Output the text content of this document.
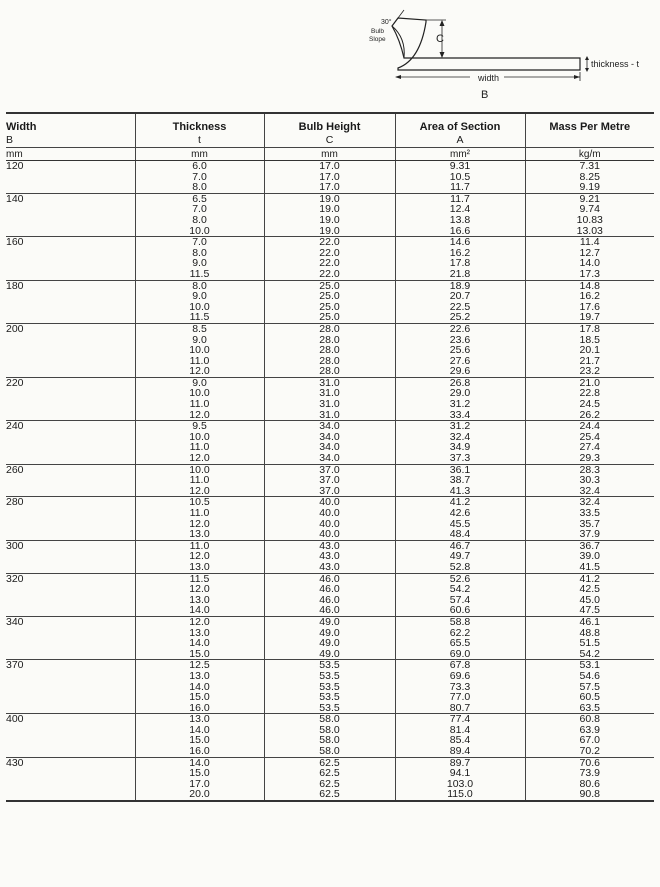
30°
Bulb
Slope	C
thickness - t
width
B
Width	Thickness	Bulb Height	Area of Section	Mass Per Metre
B	t	C	A	
mm	mm	mm	mm²	kg/m
120	6.0	17.0	9.31	7.31
	7.0	17.0	10.5	8.25
	8.0	17.0	11.7	9.19
140	6.5	19.0	11.7	9.21
	7.0	19.0	12.4	9.74
	8.0	19.0	13.8	10.83
	10.0	19.0	16.6	13.03
160	7.0	22.0	14.6	11.4
	8.0	22.0	16.2	12.7
	9.0	22.0	17.8	14.0
	11.5	22.0	21.8	17.3
180	8.0	25.0	18.9	14.8
	9.0	25.0	20.7	16.2
	10.0	25.0	22.5	17.6
	11.5	25.0	25.2	19.7
200	8.5	28.0	22.6	17.8
	9.0	28.0	23.6	18.5
	10.0	28.0	25.6	20.1
	11.0	28.0	27.6	21.7
	12.0	28.0	29.6	23.2
220	9.0	31.0	26.8	21.0
	10.0	31.0	29.0	22.8
	11.0	31.0	31.2	24.5
	12.0	31.0	33.4	26.2
240	9.5	34.0	31.2	24.4
	10.0	34.0	32.4	25.4
	11.0	34.0	34.9	27.4
	12.0	34.0	37.3	29.3
260	10.0	37.0	36.1	28.3
	11.0	37.0	38.7	30.3
	12.0	37.0	41.3	32.4
280	10.5	40.0	41.2	32.4
	11.0	40.0	42.6	33.5
	12.0	40.0	45.5	35.7
	13.0	40.0	48.4	37.9
300	11.0	43.0	46.7	36.7
	12.0	43.0	49.7	39.0
	13.0	43.0	52.8	41.5
320	11.5	46.0	52.6	41.2
	12.0	46.0	54.2	42.5
	13.0	46.0	57.4	45.0
	14.0	46.0	60.6	47.5
340	12.0	49.0	58.8	46.1
	13.0	49.0	62.2	48.8
	14.0	49.0	65.5	51.5
	15.0	49.0	69.0	54.2
370	12.5	53.5	67.8	53.1
	13.0	53.5	69.6	54.6
	14.0	53.5	73.3	57.5
	15.0	53.5	77.0	60.5
	16.0	53.5	80.7	63.5
400	13.0	58.0	77.4	60.8
	14.0	58.0	81.4	63.9
	15.0	58.0	85.4	67.0
	16.0	58.0	89.4	70.2
430	14.0	62.5	89.7	70.6
	15.0	62.5	94.1	73.9
	17.0	62.5	103.0	80.6
	20.0	62.5	115.0	90.8
